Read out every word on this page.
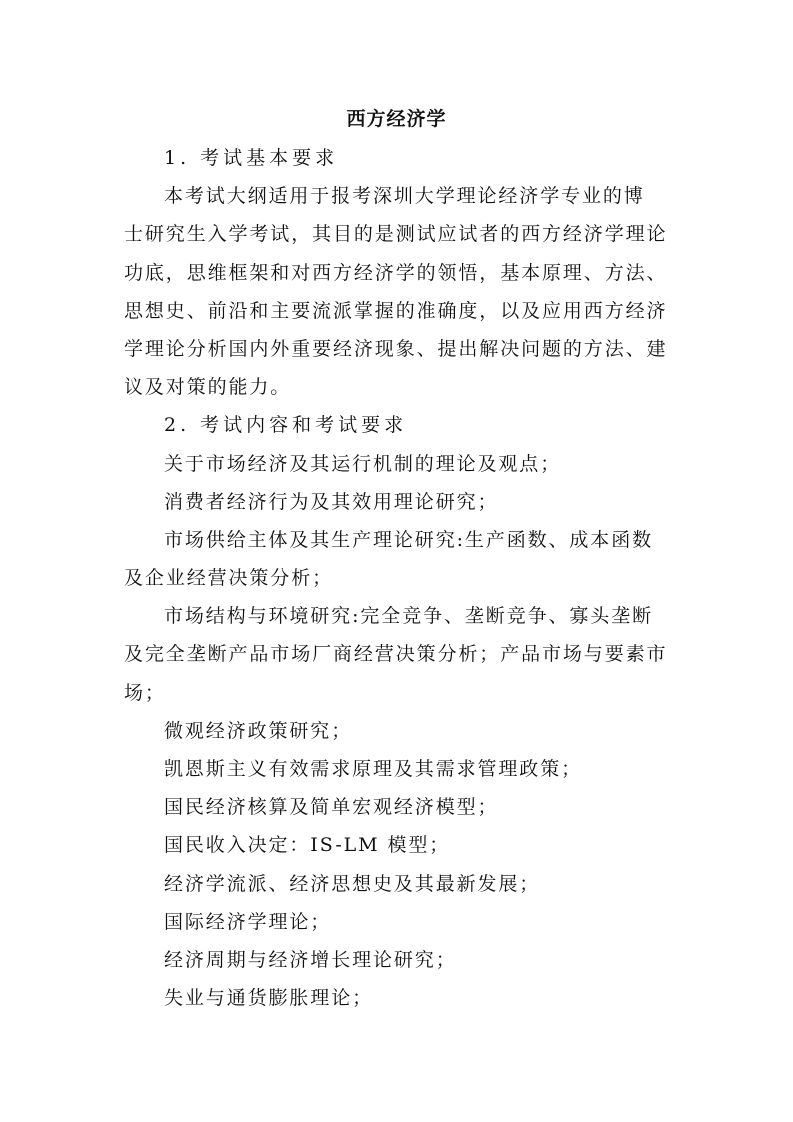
西方经济学
1. 考试基本要求
本考试大纲适用于报考深圳大学理论经济学专业的博
士研究生入学考试，其目的是测试应试者的西方经济学理论
功底，思维框架和对西方经济学的领悟，基本原理、方法、
思想史、前沿和主要流派掌握的准确度，以及应用西方经济
学理论分析国内外重要经济现象、提出解决问题的方法、建
议及对策的能力。
2. 考试内容和考试要求
关于市场经济及其运行机制的理论及观点；
消费者经济行为及其效用理论研究；
市场供给主体及其生产理论研究:生产函数、成本函数
及企业经营决策分析；
市场结构与环境研究:完全竞争、垄断竞争、寡头垄断
及完全垄断产品市场厂商经营决策分析；产品市场与要素市
场；
微观经济政策研究；
凯恩斯主义有效需求原理及其需求管理政策；
国民经济核算及简单宏观经济模型；
国民收入决定：IS-LM 模型；
经济学流派、经济思想史及其最新发展；
国际经济学理论；
经济周期与经济增长理论研究；
失业与通货膨胀理论；
